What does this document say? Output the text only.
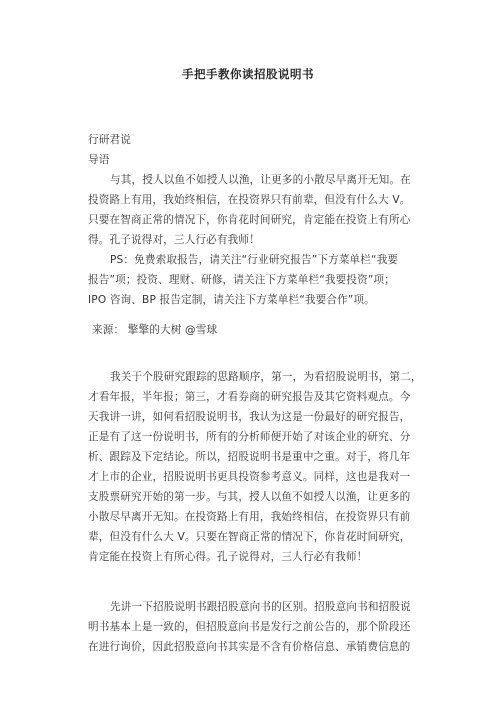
手把手教你读招股说明书
行研君说
导语
与其，授人以鱼不如授人以渔，让更多的小散尽早离开无知。在
投资路上有用，我始终相信，在投资界只有前辈，但没有什么大 V。
只要在智商正常的情况下，你肯花时间研究，肯定能在投资上有所心
得。孔子说得对，三人行必有我师！
PS：免费索取报告，请关注“行业研究报告”下方菜单栏“我要
报告”项；投资、理财、研修，请关注下方菜单栏“我要投资”项；
IPO 咨询、BP 报告定制，请关注下方菜单栏“我要合作”项。
来源： 擎擎的大树 @雪球
我关于个股研究跟踪的思路顺序，第一，为看招股说明书，第二，
才看年报，半年报；第三，才看券商的研究报告及其它资料观点。今
天我讲一讲，如何看招股说明书，我认为这是一份最好的研究报告，
正是有了这一份说明书，所有的分析师便开始了对该企业的研究、分
析、跟踪及下定结论。所以，招股说明书是重中之重。对于，将几年
才上市的企业，招股说明书更具投资参考意义。同样，这也是我对一
支股票研究开始的第一步。与其，授人以鱼不如授人以渔，让更多的
小散尽早离开无知。在投资路上有用，我始终相信，在投资界只有前
辈，但没有什么大 V。只要在智商正常的情况下，你肯花时间研究，
肯定能在投资上有所心得。孔子说得对，三人行必有我师！
先讲一下招股说明书跟招股意向书的区别。招股意向书和招股说
明书基本上是一致的，但招股意向书是发行之前公告的，那个阶段还
在进行询价，因此招股意向书其实是不含有价格信息、承销费信息的
